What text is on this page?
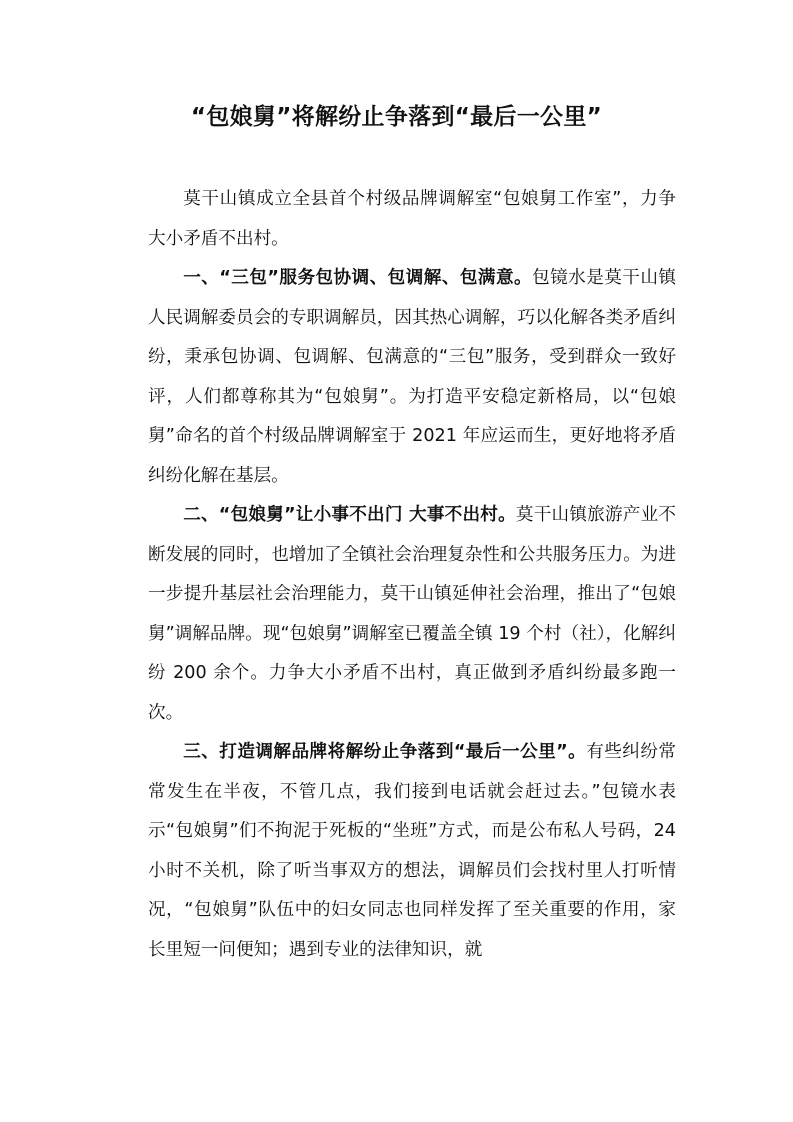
“包娘舅”将解纷止争落到“最后一公里”

莫干山镇成立全县首个村级品牌调解室“包娘舅工作室”，力争大小矛盾不出村。

一、“三包”服务包协调、包调解、包满意。包镜水是莫干山镇人民调解委员会的专职调解员，因其热心调解，巧以化解各类矛盾纠纷，秉承包协调、包调解、包满意的“三包”服务，受到群众一致好评，人们都尊称其为“包娘舅”。为打造平安稳定新格局，以“包娘舅”命名的首个村级品牌调解室于 2021 年应运而生，更好地将矛盾纠纷化解在基层。

二、“包娘舅”让小事不出门 大事不出村。莫干山镇旅游产业不断发展的同时，也增加了全镇社会治理复杂性和公共服务压力。为进一步提升基层社会治理能力，莫干山镇延伸社会治理，推出了“包娘舅”调解品牌。现“包娘舅”调解室已覆盖全镇 19 个村（社），化解纠纷 200 余个。力争大小矛盾不出村，真正做到矛盾纠纷最多跑一次。

三、打造调解品牌将解纷止争落到“最后一公里”。有些纠纷常常发生在半夜，不管几点，我们接到电话就会赶过去。”包镜水表示“包娘舅”们不拘泥于死板的“坐班”方式，而是公布私人号码，24 小时不关机，除了听当事双方的想法，调解员们会找村里人打听情况，“包娘舅”队伍中的妇女同志也同样发挥了至关重要的作用，家长里短一问便知；遇到专业的法律知识，就
